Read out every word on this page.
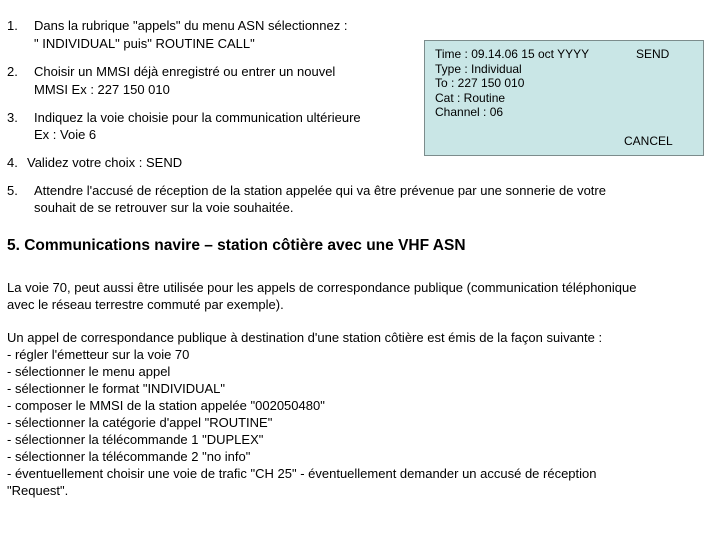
1. Dans la rubrique "appels" du menu ASN sélectionnez :
" INDIVIDUAL" puis" ROUTINE CALL"
2. Choisir un MMSI déjà enregistré ou entrer un nouvel
MMSI Ex : 227 150 010
3. Indiquez la voie choisie pour la communication ultérieure
Ex : Voie 6
Time : 09.14.06 15 oct YYYY
Type : Individual
To : 227 150 010
Cat : Routine
Channel : 06
SEND
CANCEL
4. Validez votre choix : SEND
5. Attendre l'accusé de réception de la station appelée qui va être prévenue par une sonnerie de votre
souhait de se retrouver sur la voie souhaitée.
5. Communications navire – station côtière avec une VHF ASN
La voie 70, peut aussi être utilisée pour les appels de correspondance publique (communication téléphonique
avec le réseau terrestre commuté par exemple).
Un appel de correspondance publique à destination d'une station côtière est émis de la façon suivante :
- régler l'émetteur sur la voie 70
- sélectionner le menu appel
- sélectionner le format "INDIVIDUAL"
- composer le MMSI de la station appelée "002050480"
- sélectionner la catégorie d'appel "ROUTINE"
- sélectionner la télécommande 1 "DUPLEX"
- sélectionner la télécommande 2 "no info"
- éventuellement choisir une voie de trafic "CH 25" - éventuellement demander un accusé de réception
"Request".
